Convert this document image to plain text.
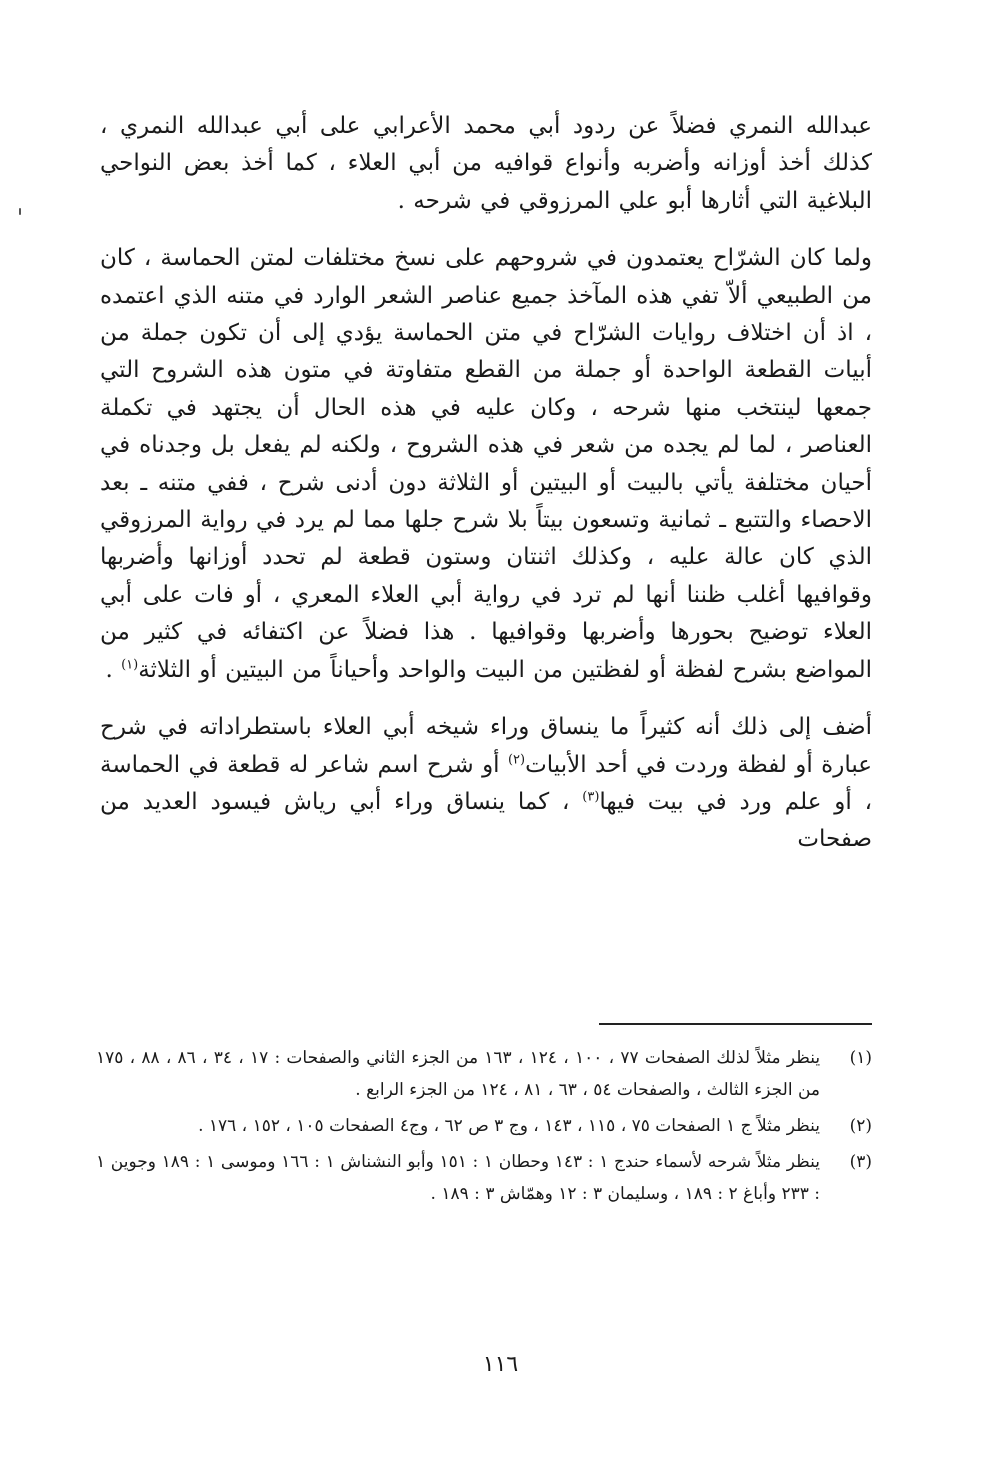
عبدالله النمري فضلاً عن ردود أبي محمد الأعرابي على أبي عبدالله النمري ، كذلك أخذ أوزانه وأضربه وأنواع قوافيه من أبي العلاء ، كما أخذ بعض النواحي البلاغية التي أثارها أبو علي المرزوقي في شرحه .

ولما كان الشرّاح يعتمدون في شروحهم على نسخ مختلفات لمتن الحماسة ، كان من الطبيعي ألاّ تفي هذه المآخذ جميع عناصر الشعر الوارد في متنه الذي اعتمده ، اذ أن اختلاف روايات الشرّاح في متن الحماسة يؤدي إلى أن تكون جملة من أبيات القطعة الواحدة أو جملة من القطع متفاوتة في متون هذه الشروح التي جمعها لينتخب منها شرحه ، وكان عليه في هذه الحال أن يجتهد في تكملة العناصر ، لما لم يجده من شعر في هذه الشروح ، ولكنه لم يفعل بل وجدناه في أحيان مختلفة يأتي بالبيت أو البيتين أو الثلاثة دون أدنى شرح ، ففي متنه ـ بعد الاحصاء والتتبع ـ ثمانية وتسعون بيتاً بلا شرح جلها مما لم يرد في رواية المرزوقي الذي كان عالة عليه ، وكذلك اثنتان وستون قطعة لم تحدد أوزانها وأضربها وقوافيها أغلب ظننا أنها لم ترد في رواية أبي العلاء المعري ، أو فات على أبي العلاء توضيح بحورها وأضربها وقوافيها . هذا فضلاً عن اكتفائه في كثير من المواضع بشرح لفظة أو لفظتين من البيت والواحد وأحياناً من البيتين أو الثلاثة$^{(١)}$ .

أضف إلى ذلك أنه كثيراً ما ينساق وراء شيخه أبي العلاء باستطراداته في شرح عبارة أو لفظة وردت في أحد الأبيات$^{(٢)}$ أو شرح اسم شاعر له قطعة في الحماسة ، أو علم ورد في بيت فيها$^{(٣)}$ ، كما ينساق وراء أبي رياش فيسود العديد من صفحات

(١)
ينظر مثلاً لذلك الصفحات ٧٧ ، ١٠٠ ، ١٢٤ ، ١٦٣ من الجزء الثاني والصفحات : ١٧ ، ٣٤ ، ٨٦ ، ٨٨ ، ١٧٥ من الجزء الثالث ، والصفحات ٥٤ ، ٦٣ ، ٨١ ، ١٢٤ من الجزء الرابع .
(٢)
ينظر مثلاً ج ١ الصفحات ٧٥ ، ١١٥ ، ١٤٣ ، وج ٣ ص ٦٢ ، وج٤ الصفحات ١٠٥ ، ١٥٢ ، ١٧٦ .
(٣)
ينظر مثلاً شرحه لأسماء حندج ١ : ١٤٣ وحطان ١ : ١٥١ وأبو النشناش ١ : ١٦٦ وموسى ١ : ١٨٩ وجوين ١ : ٢٣٣ وأباغ ٢ : ١٨٩ ، وسليمان ٣ : ١٢ وهمّاش ٣ : ١٨٩ .
١١٦
